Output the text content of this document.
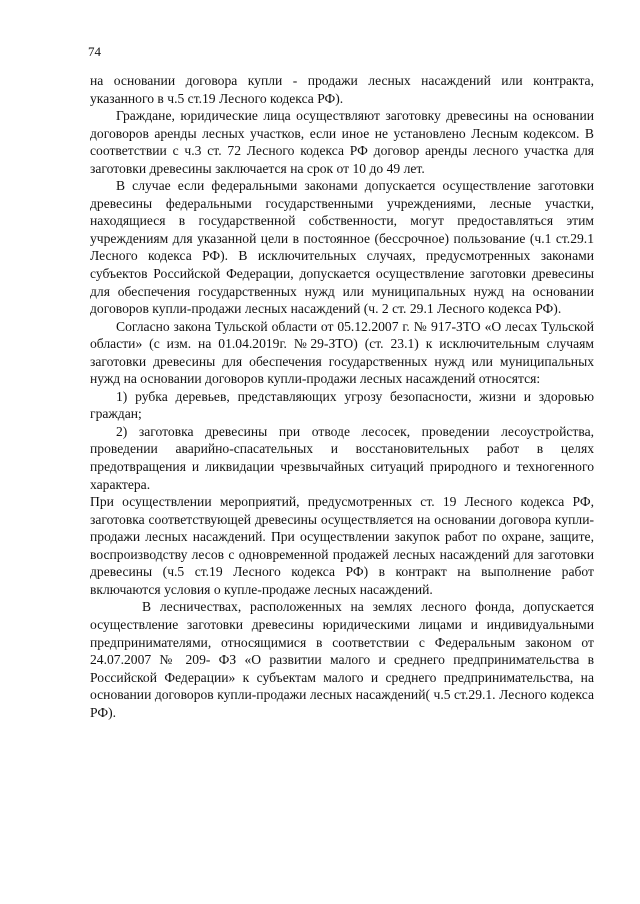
74

на основании договора купли - продажи лесных насаждений или контракта, указанного в ч.5 ст.19 Лесного кодекса РФ).

Граждане, юридические лица осуществляют заготовку древесины на основании договоров аренды лесных участков, если иное не установлено Лесным кодексом. В соответствии с ч.3 ст. 72 Лесного кодекса РФ договор аренды лесного участка для заготовки древесины заключается на срок от 10 до 49 лет.

В случае если федеральными законами допускается осуществление заготовки древесины федеральными государственными учреждениями, лесные участки, находящиеся в государственной собственности, могут предоставляться этим учреждениям для указанной цели в постоянное (бессрочное) пользование (ч.1 ст.29.1 Лесного кодекса РФ). В исключительных случаях, предусмотренных законами субъектов Российской Федерации, допускается осуществление заготовки древесины для обеспечения государственных нужд или муниципальных нужд на основании договоров купли-продажи лесных насаждений (ч. 2 ст. 29.1 Лесного кодекса РФ).

Согласно закона Тульской области от 05.12.2007 г. № 917-ЗТО «О лесах Тульской области» (с изм. на 01.04.2019г. №29-ЗТО) (ст. 23.1) к исключительным случаям заготовки древесины для обеспечения государственных нужд или муниципальных нужд на основании договоров купли-продажи лесных насаждений относятся:

1) рубка деревьев, представляющих угрозу безопасности, жизни и здоровью граждан;

2) заготовка древесины при отводе лесосек, проведении лесоустройства, проведении аварийно-спасательных и восстановительных работ в целях предотвращения и ликвидации чрезвычайных ситуаций природного и техногенного характера.

При осуществлении мероприятий, предусмотренных ст. 19 Лесного кодекса РФ, заготовка соответствующей древесины осуществляется на основании договора купли-продажи лесных насаждений. При осуществлении закупок работ по охране, защите, воспроизводству лесов с одновременной продажей лесных насаждений для заготовки древесины (ч.5 ст.19 Лесного кодекса РФ) в контракт на выполнение работ включаются условия о купле-продаже лесных насаждений.

В лесничествах, расположенных на землях лесного фонда, допускается осуществление заготовки древесины юридическими лицами и индивидуальными предпринимателями, относящимися в соответствии с Федеральным законом от 24.07.2007 № 209- ФЗ «О развитии малого и среднего предпринимательства в Российской Федерации» к субъектам малого и среднего предпринимательства, на основании договоров купли-продажи лесных насаждений( ч.5 ст.29.1. Лесного кодекса РФ).
